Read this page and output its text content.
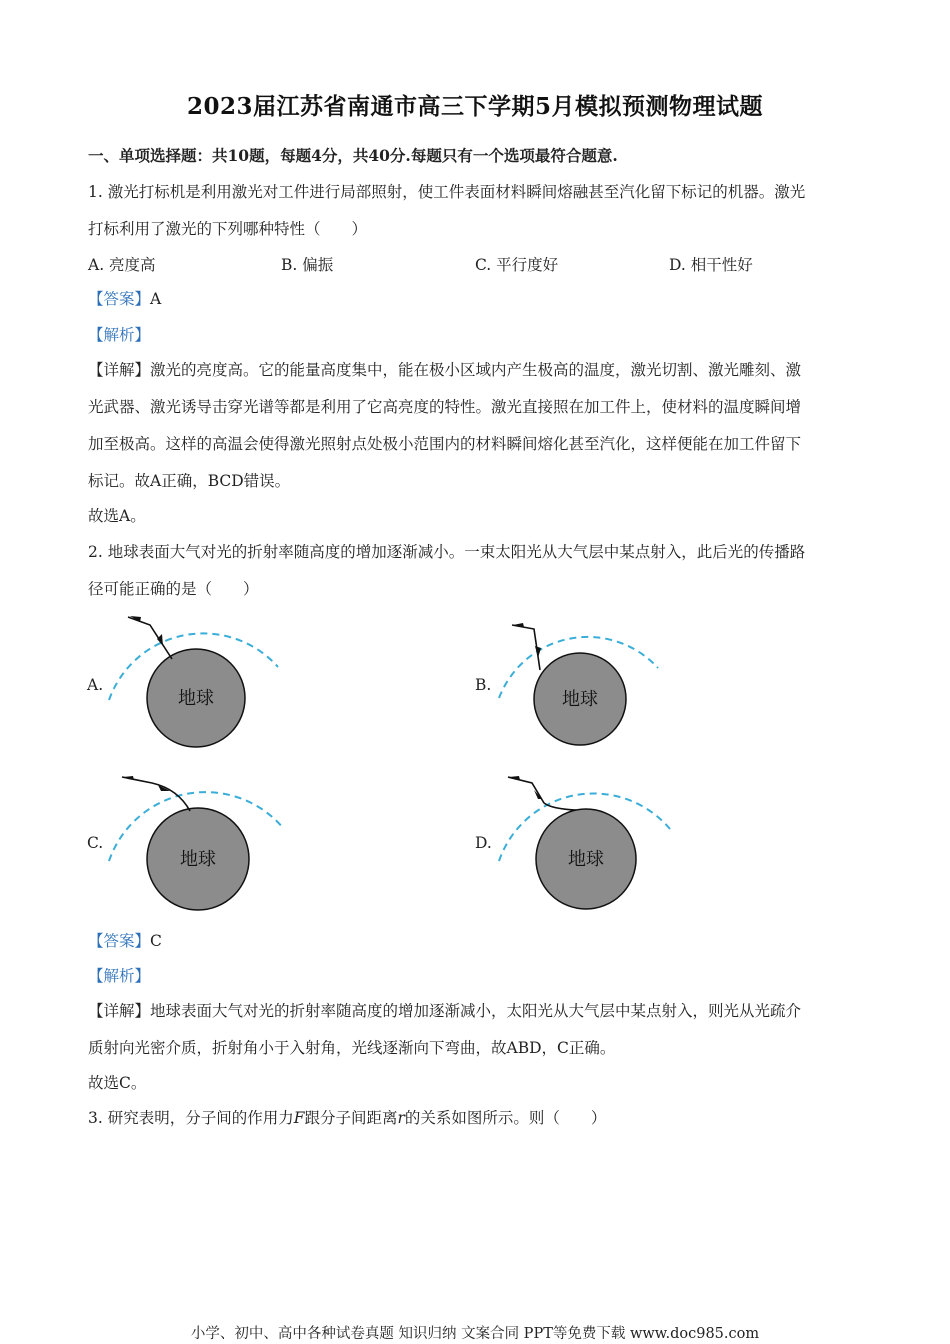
2023届江苏省南通市高三下学期5月模拟预测物理试题
一、单项选择题：共10题，每题4分，共40分.每题只有一个选项最符合题意.
1. 激光打标机是利用激光对工件进行局部照射，使工件表面材料瞬间熔融甚至汽化留下标记的机器。激光
打标利用了激光的下列哪种特性（　　）
A. 亮度高	B. 偏振	C. 平行度好	D. 相干性好
【答案】A
【解析】
【详解】激光的亮度高。它的能量高度集中，能在极小区域内产生极高的温度，激光切割、激光雕刻、激
光武器、激光诱导击穿光谱等都是利用了它高亮度的特性。激光直接照在加工件上，使材料的温度瞬间增
加至极高。这样的高温会使得激光照射点处极小范围内的材料瞬间熔化甚至汽化，这样便能在加工件留下
标记。故A正确，BCD错误。
故选A。
2. 地球表面大气对光的折射率随高度的增加逐渐减小。一束太阳光从大气层中某点射入，此后光的传播路
径可能正确的是（　　）
A.
地球
B.
地球
C.
地球
D.
地球
【答案】C
【解析】
【详解】地球表面大气对光的折射率随高度的增加逐渐减小，太阳光从大气层中某点射入，则光从光疏介
质射向光密介质，折射角小于入射角，光线逐渐向下弯曲，故ABD，C正确。
故选C。
3. 研究表明，分子间的作用力F跟分子间距离r的关系如图所示。则（　　）
小学、初中、高中各种试卷真题 知识归纳 文案合同 PPT等免费下载 www.doc985.com
